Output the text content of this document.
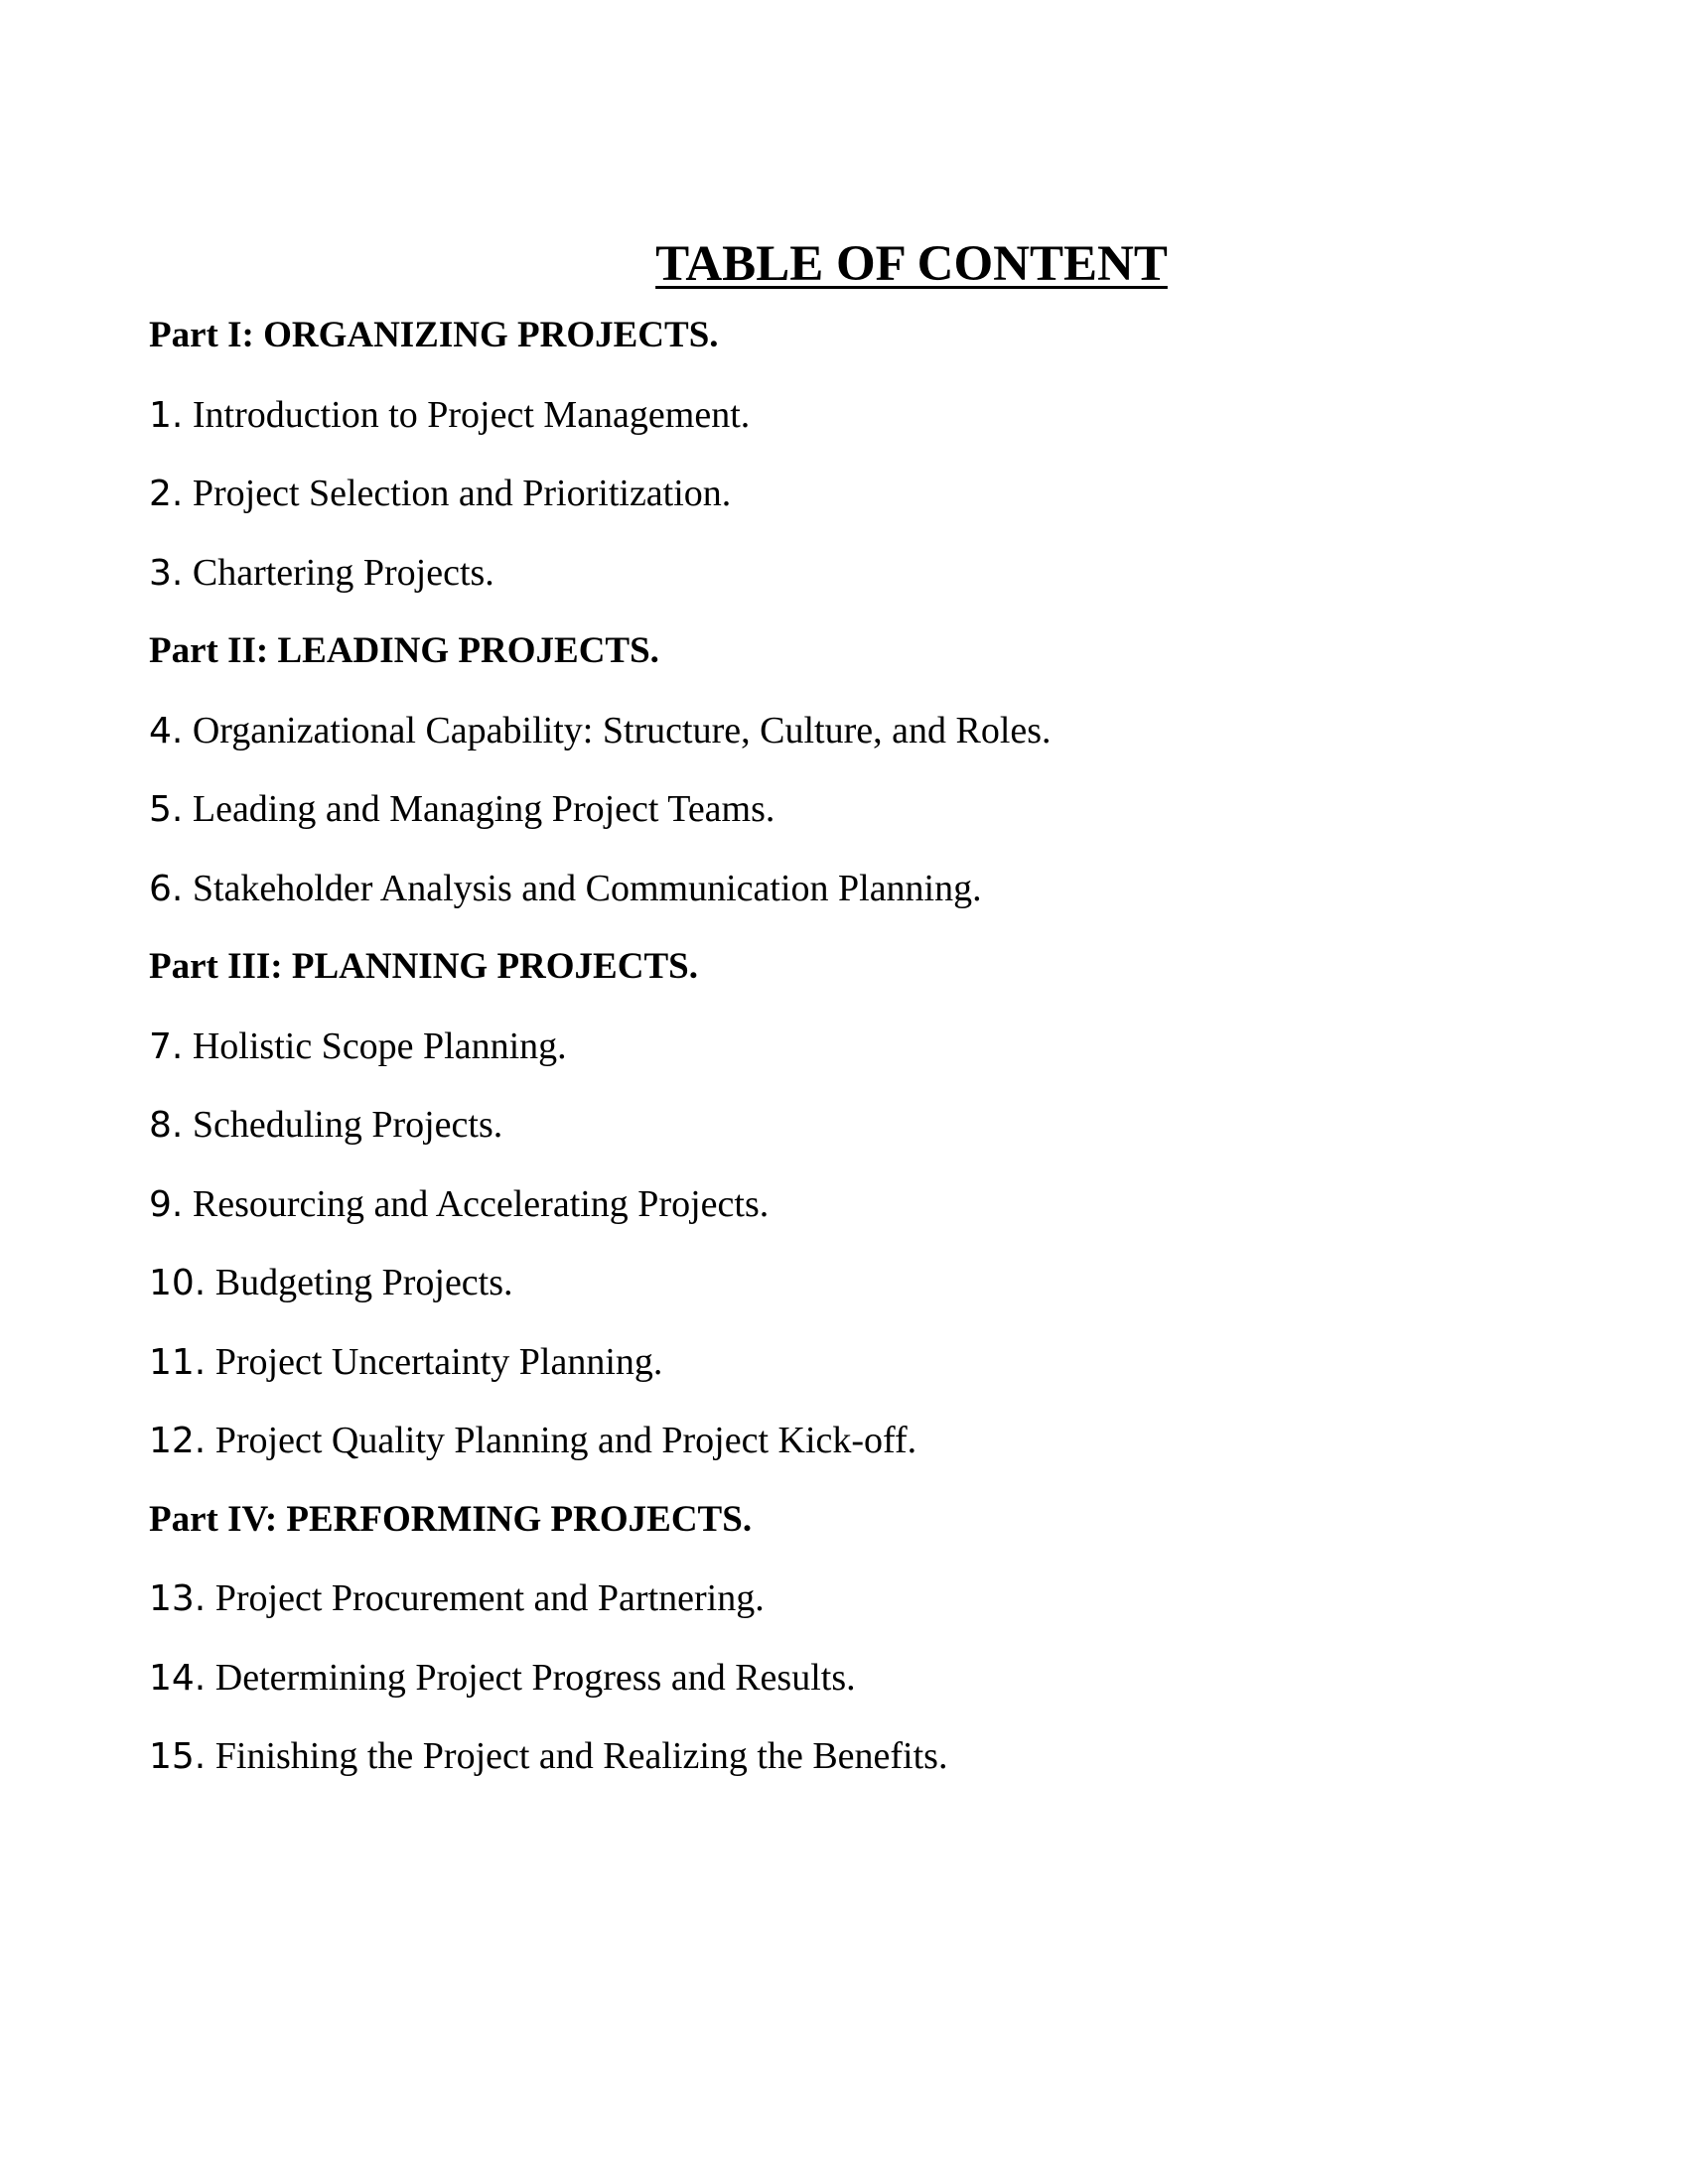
TABLE OF CONTENT
Part I: ORGANIZING PROJECTS.
1. Introduction to Project Management.
2. Project Selection and Prioritization.
3. Chartering Projects.
Part II: LEADING PROJECTS.
4. Organizational Capability: Structure, Culture, and Roles.
5. Leading and Managing Project Teams.
6. Stakeholder Analysis and Communication Planning.
Part III: PLANNING PROJECTS.
7. Holistic Scope Planning.
8. Scheduling Projects.
9. Resourcing and Accelerating Projects.
10. Budgeting Projects.
11. Project Uncertainty Planning.
12. Project Quality Planning and Project Kick-off.
Part IV: PERFORMING PROJECTS.
13. Project Procurement and Partnering.
14. Determining Project Progress and Results.
15. Finishing the Project and Realizing the Benefits.
